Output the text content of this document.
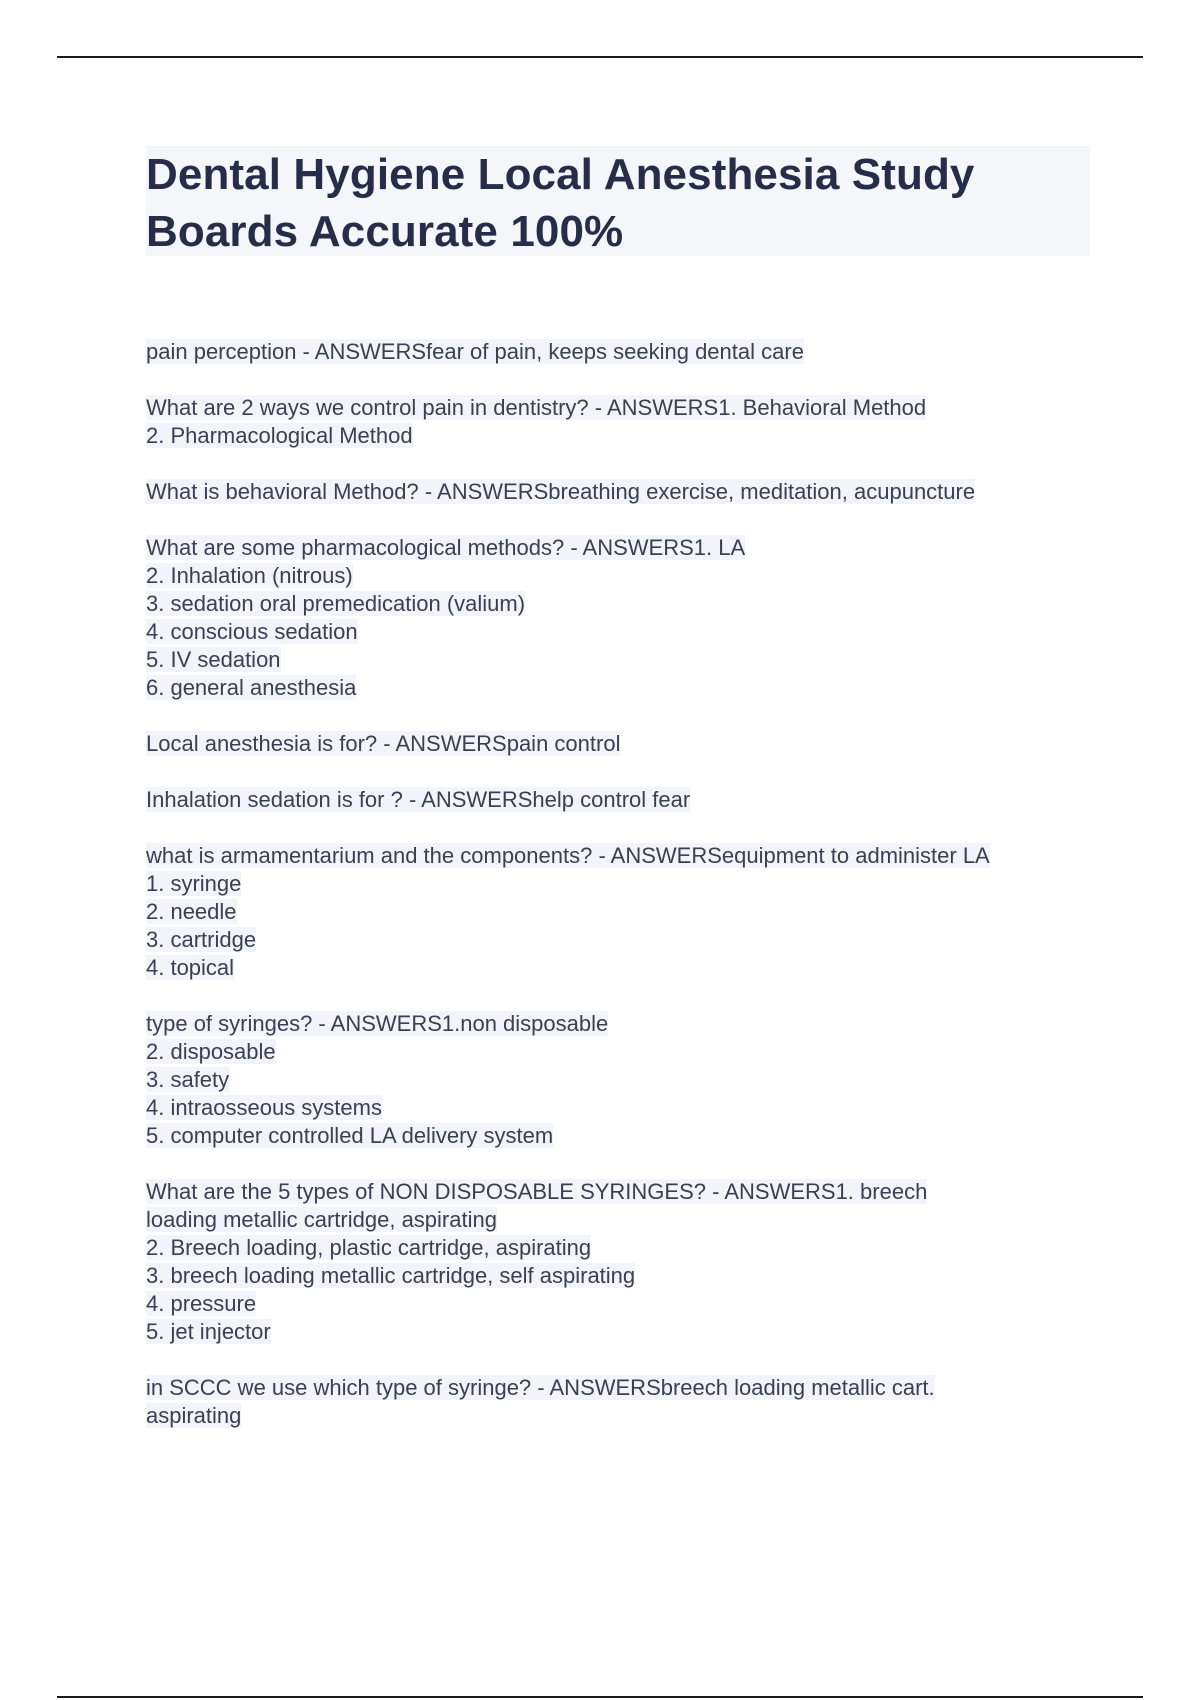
Dental Hygiene Local Anesthesia Study
Boards Accurate 100%
pain perception - ANSWERSfear of pain, keeps seeking dental care
What are 2 ways we control pain in dentistry? - ANSWERS1. Behavioral Method
2. Pharmacological Method
What is behavioral Method? - ANSWERSbreathing exercise, meditation, acupuncture
What are some pharmacological methods? - ANSWERS1. LA
2. Inhalation (nitrous)
3. sedation oral premedication (valium)
4. conscious sedation
5. IV sedation
6. general anesthesia
Local anesthesia is for? - ANSWERSpain control
Inhalation sedation is for ? - ANSWERShelp control fear
what is armamentarium and the components? - ANSWERSequipment to administer LA
1. syringe
2. needle
3. cartridge
4. topical
type of syringes? - ANSWERS1.non disposable
2. disposable
3. safety
4. intraosseous systems
5. computer controlled LA delivery system
What are the 5 types of NON DISPOSABLE SYRINGES? - ANSWERS1. breech
loading metallic cartridge, aspirating
2. Breech loading, plastic cartridge, aspirating
3. breech loading metallic cartridge, self aspirating
4. pressure
5. jet injector
in SCCC we use which type of syringe? - ANSWERSbreech loading metallic cart.
aspirating
